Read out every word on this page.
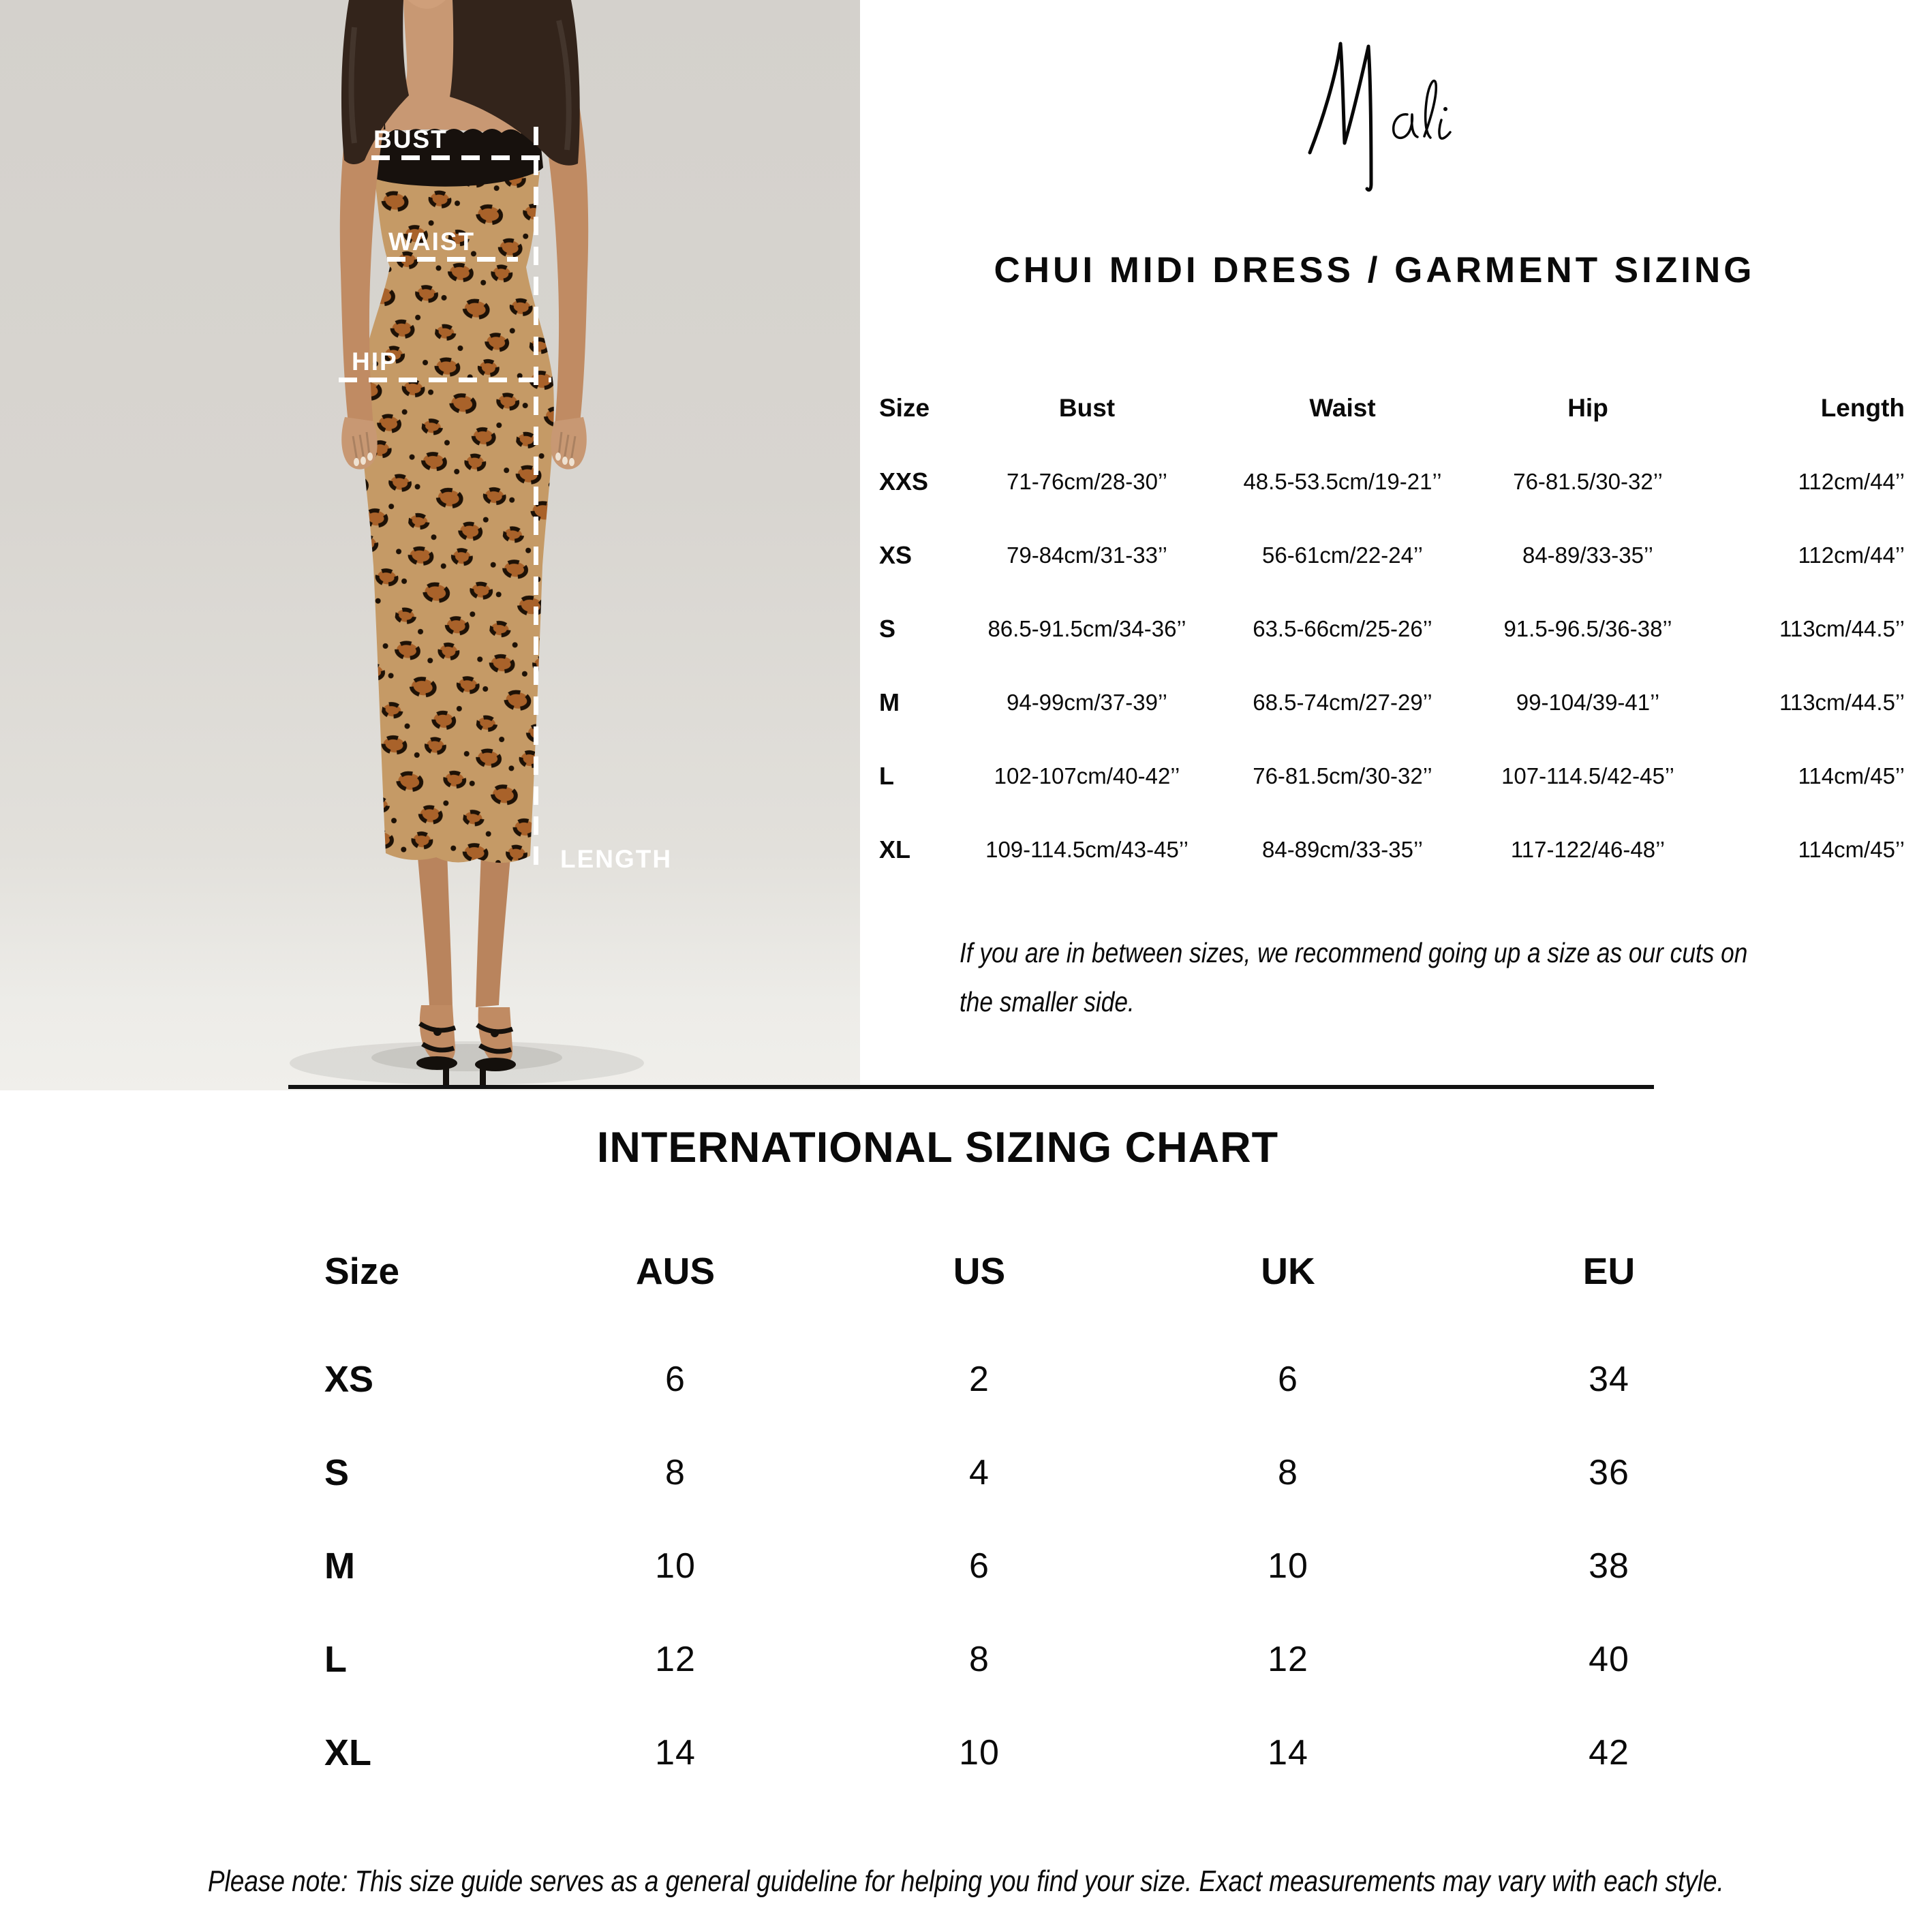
BUST
WAIST
HIP
LENGTH
CHUI MIDI DRESS / GARMENT SIZING
Size	Bust	Waist	Hip	Length
XXS	71-76cm/28-30’’	48.5-53.5cm/19-21’’	76-81.5/30-32’’	112cm/44’’
XS	79-84cm/31-33’’	56-61cm/22-24’’	84-89/33-35’’	112cm/44’’
S	86.5-91.5cm/34-36’’	63.5-66cm/25-26’’	91.5-96.5/36-38’’	113cm/44.5’’
M	94-99cm/37-39’’	68.5-74cm/27-29’’	99-104/39-41’’	113cm/44.5’’
L	102-107cm/40-42’’	76-81.5cm/30-32’’	107-114.5/42-45’’	114cm/45’’
XL	109-114.5cm/43-45’’	84-89cm/33-35’’	117-122/46-48’’	114cm/45’’
If you are in between sizes, we recommend going up a size as our cuts on
the smaller side.
INTERNATIONAL SIZING CHART
Size	AUS	US	UK	EU
XS	6	2	6	34
S	8	4	8	36
M	10	6	10	38
L	12	8	12	40
XL	14	10	14	42
Please note: This size guide serves as a general guideline for helping you find your size. Exact measurements may vary with each style.
